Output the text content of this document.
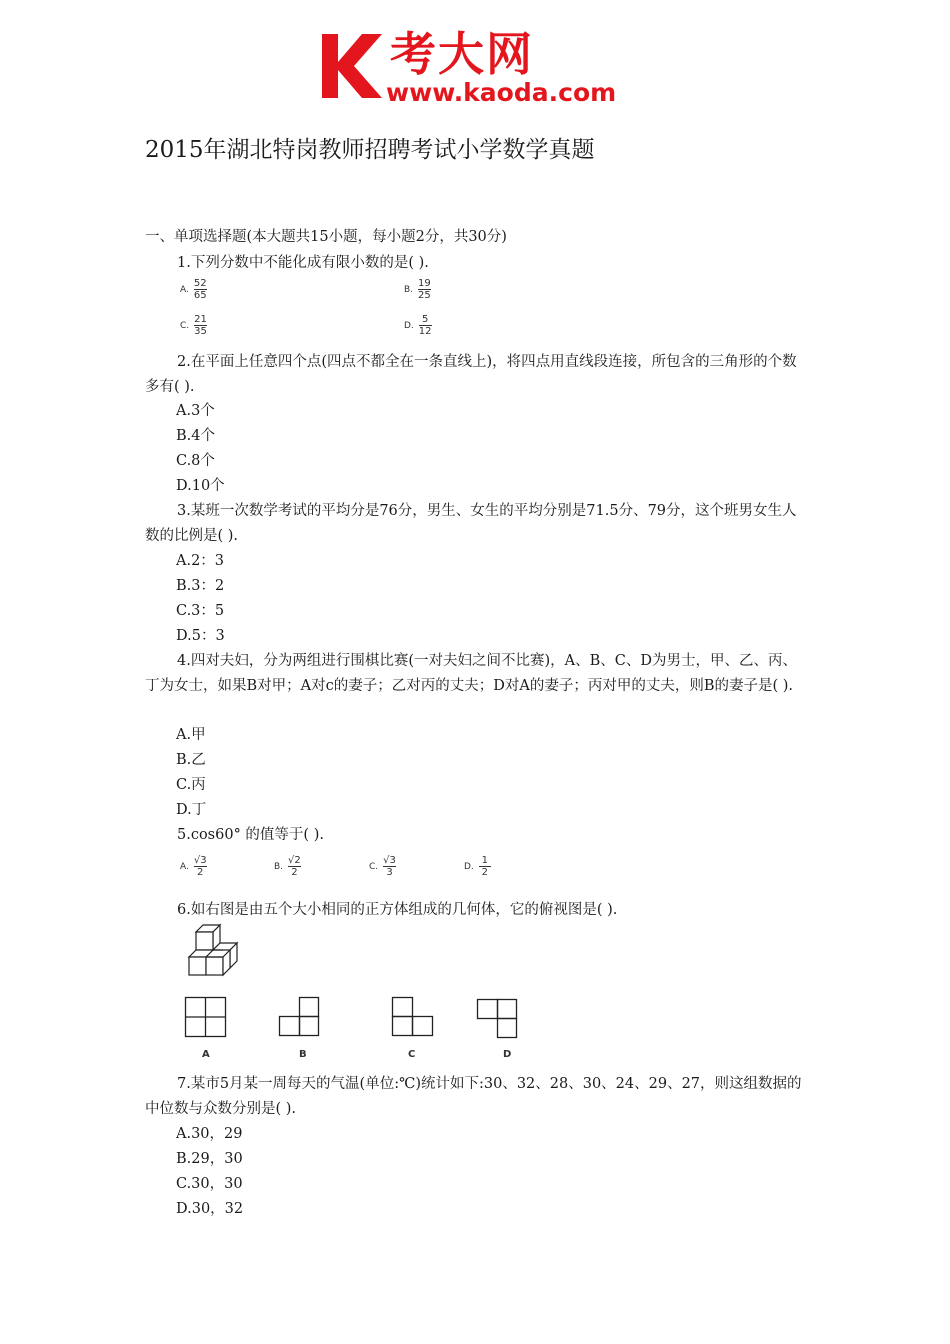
考大网
www.kaoda.com
2015年湖北特岗教师招聘考试小学数学真题
一、单项选择题(本大题共15小题，每小题2分，共30分)
1.下列分数中不能化成有限小数的是( ).
A. $\frac{52}{65}$	B. $\frac{19}{25}$
C. $\frac{21}{35}$	D. $\frac{5}{12}$
2.在平面上任意四个点(四点不都全在一条直线上)，将四点用直线段连接，所包含的三角形的个数多有( ).
A.3个
B.4个
C.8个
D.10个
3.某班一次数学考试的平均分是76分，男生、女生的平均分别是71.5分、79分，这个班男女生人数的比例是( ).
A.2：3
B.3：2
C.3：5
D.5：3
4.四对夫妇，分为两组进行围棋比赛(一对夫妇之间不比赛)，A、B、C、D为男士，甲、乙、丙、丁为女士，如果B对甲；A对c的妻子；乙对丙的丈夫；D对A的妻子；丙对甲的丈夫，则B的妻子是( ).
A.甲
B.乙
C.丙
D.丁
5.cos60° 的值等于( ).
A. $\frac{√3}{2}$	B. $\frac{√2}{2}$	C. $\frac{√3}{3}$	D. $\frac{1}{2}$
6.如右图是由五个大小相同的正方体组成的几何体，它的俯视图是( ).
A	B	C	D
7.某市5月某一周每天的气温(单位:℃)统计如下:30、32、28、30、24、29、27，则这组数据的中位数与众数分别是( ).
A.30，29
B.29，30
C.30，30
D.30，32
